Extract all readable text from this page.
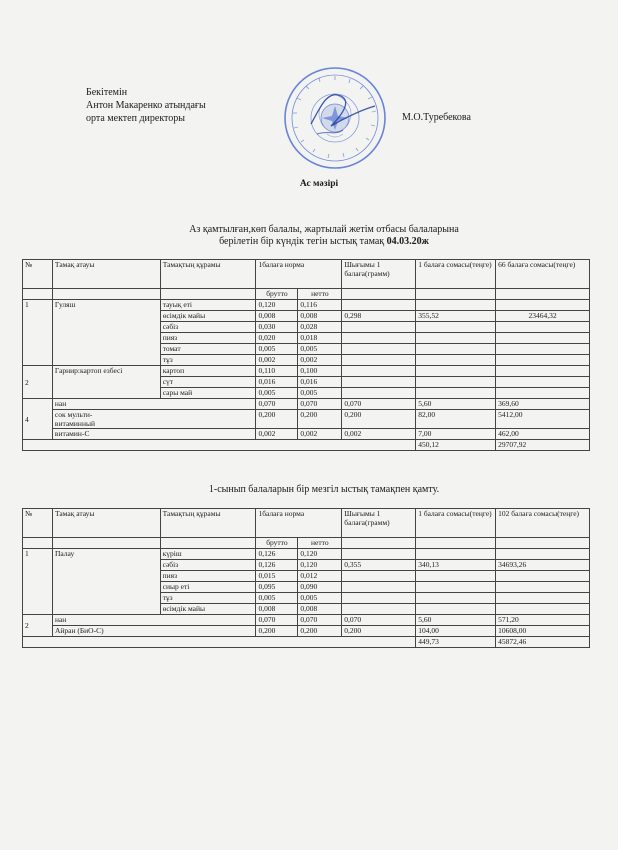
Бекітемін
Антон Макаренко атындағы
орта мектеп директоры	М.О.Туребекова
Ас мәзірі
Аз қамтылған,көп балалы, жартылай жетім отбасы балаларына
берілетін бір күндік тегін ыстық тамақ 04.03.20ж
№	Тамақ атауы	Тамақтың құрамы	1балаға норма		Шығымы 1 балаға(грамм)	1 балаға сомасы(теңге)	66 балаға сомасы(теңге)
			брутто	нетто			
1	Гуляш	тауық еті	0,120	0,116			
		өсімдік майы	0,008	0,008	0,298	355,52	23464,32
		сәбіз	0,030	0,028			
		пияз	0,020	0,018			
		томат	0,005	0,005			
		тұз	0,002	0,002			
2	Гарнир:картоп езбесі	картоп	0,110	0,100			
		сүт	0,016	0,016			
		сары май	0,005	0,005			
4	нан		0,070	0,070	0,070	5,60	369,60

	сок мульти-витаминный		0,200	0,200	0,200	82,00	5412,00
	витамин-С		0,002	0,002	0,002	7,00	462,00
						450,12	29707,92
1-сынып балаларын бір мезгіл ыстық тамақпен қамту.
№	Тамақ атауы	Тамақтың құрамы	1балаға норма		Шығымы 1 балаға(грамм)	1 балаға сомасы(теңге)	102 балаға сомасы(теңге)
			брутто	нетто			
1	Палау	күріш	0,126	0,120			
		сәбіз	0,126	0,120	0,355	340,13	34693,26
		пияз	0,015	0,012			
		сиыр еті	0,095	0,090			
		тұз	0,005	0,005			
		өсімдік майы	0,008	0,008			
2	нан		0,070	0,070	0,070	5,60	571,20
	Айран (БиО-С)		0,200	0,200	0,200	104,00	10608,00
						449,73	45872,46
